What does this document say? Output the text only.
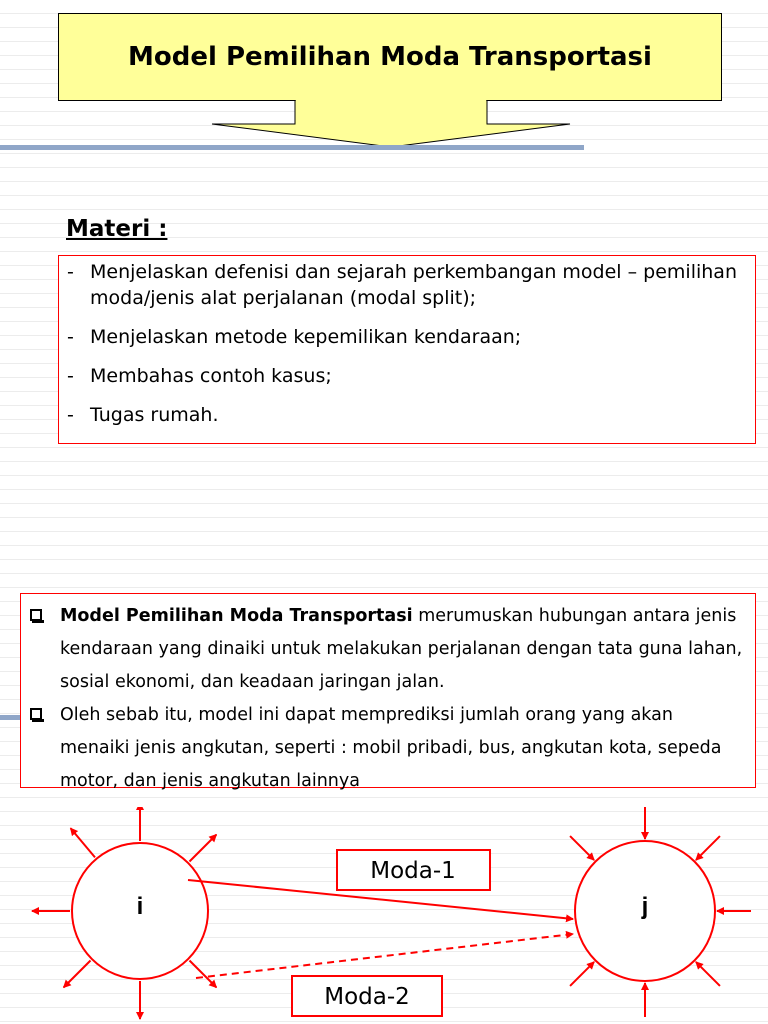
Model Pemilihan Moda Transportasi
Materi :
- Menjelaskan defenisi dan sejarah perkembangan model – pemilihan moda/jenis alat perjalanan (modal split);
- Menjelaskan metode kepemilikan kendaraan;
- Membahas contoh kasus;
- Tugas rumah.
Model Pemilihan Moda Transportasi merumuskan hubungan antara jenis kendaraan yang dinaiki untuk melakukan perjalanan dengan tata guna lahan, sosial ekonomi, dan keadaan jaringan jalan.
Oleh sebab itu, model ini dapat memprediksi jumlah orang yang akan menaiki jenis angkutan, seperti : mobil pribadi, bus, angkutan kota, sepeda motor, dan jenis angkutan lainnya
i	j
Moda-1
Moda-2
